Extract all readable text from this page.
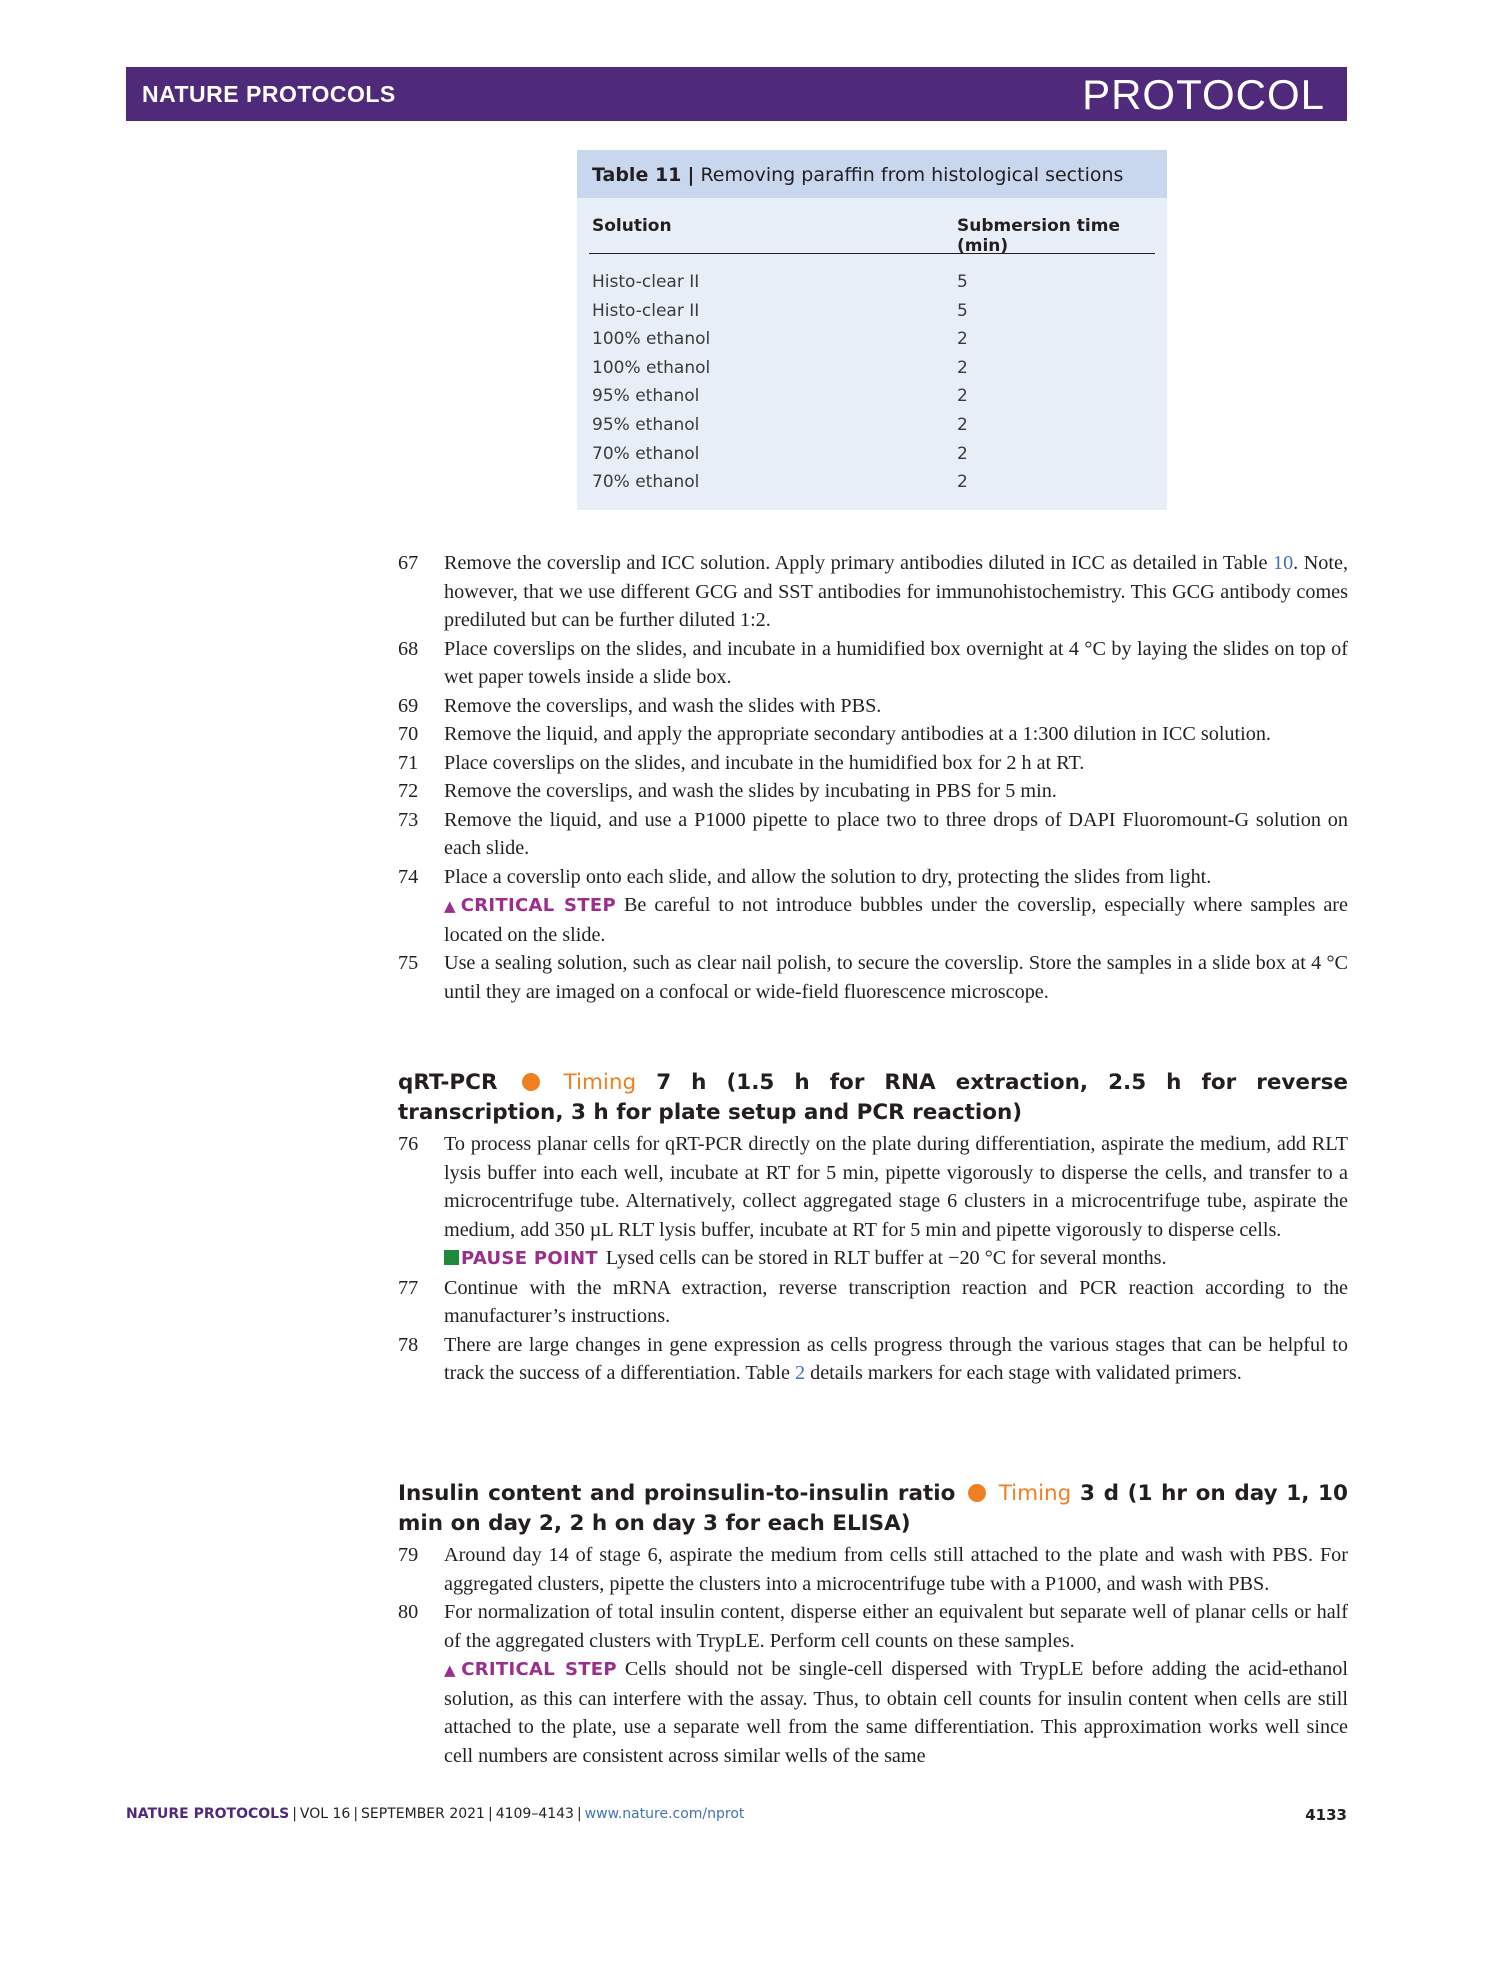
NATURE PROTOCOLS	PROTOCOL
Table 11 | Removing paraffin from histological sections
Solution	Submersion time (min)
Histo-clear II	5
Histo-clear II	5
100% ethanol	2
100% ethanol	2
95% ethanol	2
95% ethanol	2
70% ethanol	2
70% ethanol	2
67 Remove the coverslip and ICC solution. Apply primary antibodies diluted in ICC as detailed in Table 10. Note, however, that we use different GCG and SST antibodies for immunohistochemistry. This GCG antibody comes prediluted but can be further diluted 1:2.
68 Place coverslips on the slides, and incubate in a humidified box overnight at 4 °C by laying the slides on top of wet paper towels inside a slide box.
69 Remove the coverslips, and wash the slides with PBS.
70 Remove the liquid, and apply the appropriate secondary antibodies at a 1:300 dilution in ICC solution.
71 Place coverslips on the slides, and incubate in the humidified box for 2 h at RT.
72 Remove the coverslips, and wash the slides by incubating in PBS for 5 min.
73 Remove the liquid, and use a P1000 pipette to place two to three drops of DAPI Fluoromount-G solution on each slide.
74 Place a coverslip onto each slide, and allow the solution to dry, protecting the slides from light.
▲ CRITICAL STEP Be careful to not introduce bubbles under the coverslip, especially where samples are located on the slide.
75 Use a sealing solution, such as clear nail polish, to secure the coverslip. Store the samples in a slide box at 4 °C until they are imaged on a confocal or wide-field fluorescence microscope.
qRT-PCR	Timing 7 h (1.5 h for RNA extraction, 2.5 h for reverse transcription, 3 h for plate setup and PCR reaction)
76 To process planar cells for qRT-PCR directly on the plate during differentiation, aspirate the medium, add RLT lysis buffer into each well, incubate at RT for 5 min, pipette vigorously to disperse the cells, and transfer to a microcentrifuge tube. Alternatively, collect aggregated stage 6 clusters in a microcentrifuge tube, aspirate the medium, add 350 µL RLT lysis buffer, incubate at RT for 5 min and pipette vigorously to disperse cells.
PAUSE POINT Lysed cells can be stored in RLT buffer at −20 °C for several months.
77 Continue with the mRNA extraction, reverse transcription reaction and PCR reaction according to the manufacturer’s instructions.
78 There are large changes in gene expression as cells progress through the various stages that can be helpful to track the success of a differentiation. Table 2 details markers for each stage with validated primers.
Insulin content and proinsulin-to-insulin ratio Timing 3 d (1 hr on day 1, 10 min on day 2, 2 h on day 3 for each ELISA)
79 Around day 14 of stage 6, aspirate the medium from cells still attached to the plate and wash with PBS. For aggregated clusters, pipette the clusters into a microcentrifuge tube with a P1000, and wash with PBS.
80 For normalization of total insulin content, disperse either an equivalent but separate well of planar cells or half of the aggregated clusters with TrypLE. Perform cell counts on these samples.
▲ CRITICAL STEP Cells should not be single-cell dispersed with TrypLE before adding the acid-ethanol solution, as this can interfere with the assay. Thus, to obtain cell counts for insulin content when cells are still attached to the plate, use a separate well from the same differentiation. This approximation works well since cell numbers are consistent across similar wells of the same
NATURE PROTOCOLS | VOL 16 | SEPTEMBER 2021 | 4109–4143 | www.nature.com/nprot	4133
